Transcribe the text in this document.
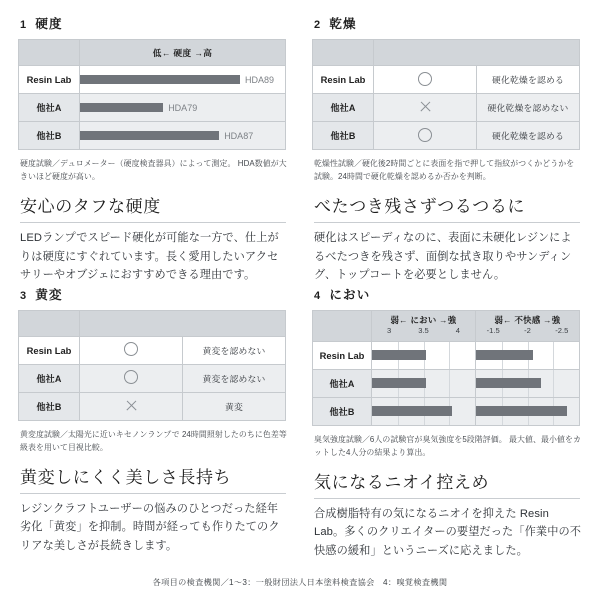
1 硬度
	低← 硬度 →高
Resin Lab	HDA89

他社A	HDA79

他社B	HDA87
硬度試験／デュロメーター（硬度検査器具）によって測定。 HDA数値が大きいほど硬度が高い。
安心のタフな硬度
LEDランプでスピード硬化が可能な一方で、仕上がりは硬度にすぐれています。長く愛用したいアクセサリーやオブジェにおすすめできる理由です。
2 乾燥

Resin Lab		硬化乾燥を認める
他社A		硬化乾燥を認めない
他社B		硬化乾燥を認める
乾燥性試験／硬化後2時間ごとに表面を指で押して指紋がつくかどうかを試験。24時間で硬化乾燥を認めるか否かを判断。
べたつき残さずつるつるに
硬化はスピーディなのに、表面に未硬化レジンによるべたつきを残さず、面倒な拭き取りやサンディング、トップコートを必要としません。
3 黄変

Resin Lab		黄変を認めない
他社A		黄変を認めない
他社B		黄変
黄変度試験／太陽光に近いキセノンランプで 24時間照射したのちに色差等級表を用いて目視比較。
黄変しにくく美しさ長持ち
レジンクラフトユーザーの悩みのひとつだった経年劣化「黄変」を抑制。時間が経っても作りたてのクリアな美しさが長続きします。
4 におい

弱← におい →強
3	3.5	4

弱← 不快感 →強
-1.5	-2	-2.5

Resin Lab	

他社A	

他社B	

臭気強度試験／6人の試験官が臭気強度を5段階評価。 最大値、最小値をカットした4人分の結果より算出。
気になるニオイ控えめ
合成樹脂特有の気になるニオイを抑えた Resin Lab。多くのクリエイターの要望だった「作業中の不快感の緩和」というニーズに応えました。
各項目の検査機関／1～3：一般財団法人日本塗料検査協会　4：嗅覚検査機関
